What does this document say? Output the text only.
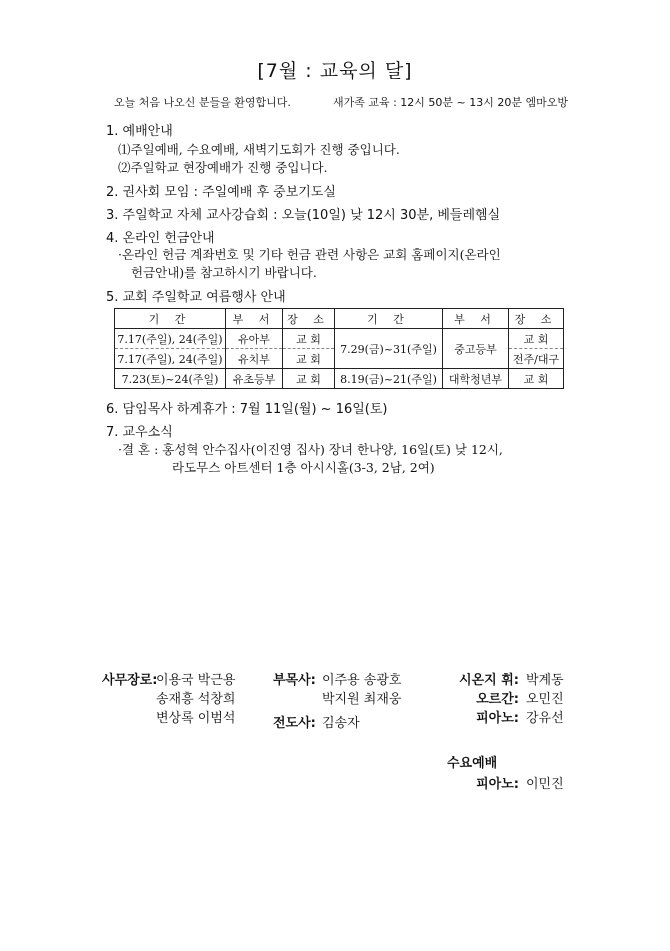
[7월 : 교육의 달]
오늘 처음 나오신 분들을 환영합니다.	새가족 교육 : 12시 50분 ~ 13시 20분 엠마오방
1. 예배안내
⑴주일예배, 수요예배, 새벽기도회가 진행 중입니다.
⑵주일학교 현장예배가 진행 중입니다.
2. 권사회 모임 : 주일예배 후 중보기도실
3. 주일학교 자체 교사강습회 : 오늘(10일) 낮 12시 30분, 베들레헴실
4. 온라인 헌금안내
·온라인 헌금 계좌번호 및 기타 헌금 관련 사항은 교회 홈페이지(온라인
헌금안내)를 참고하시기 바랍니다.
5. 교회 주일학교 여름행사 안내
기 간	부 서	장 소	기 간	부 서	장 소
7.17(주일), 24(주일)	유아부	교 회	7.29(금)~31(주일)	중고등부	교 회
7.17(주일), 24(주일)	유치부	교 회			전주/대구
7.23(토)~24(주일)	유초등부	교 회	8.19(금)~21(주일)	대학청년부	교 회
6. 담임목사 하계휴가 : 7월 11일(월) ~ 16일(토)
7. 교우소식
·결 혼 : 홍성혁 안수집사(이진영 집사) 장녀 한나양, 16일(토) 낮 12시,
라도무스 아트센터 1층 아시시홀(3-3, 2남, 2여)
사무장로:
이용국 박근용
송재흥 석창희
변상록 이범석
부목사: 이주용 송광호
박지원 최재웅
전도사: 김송자
시온지 휘: 박계동
오르간: 오민진
피아노: 강유선
수요예배
피아노: 이민진
